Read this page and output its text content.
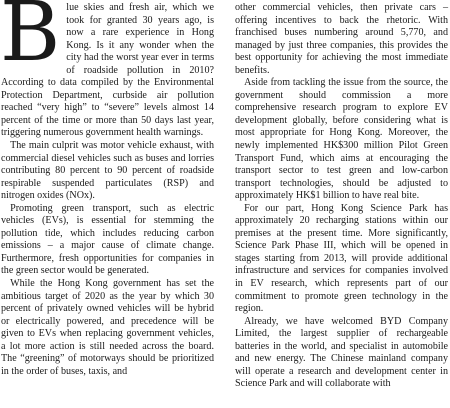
Blue skies and fresh air, which we took for granted 30 years ago, is now a rare experience in Hong Kong. Is it any wonder when the city had the worst year ever in terms of roadside pollution in 2010? According to data compiled by the Environmental Protection Department, curbside air pollution reached “very high” to “severe” levels almost 14 percent of the time or more than 50 days last year, triggering numerous government health warnings.

The main culprit was motor vehicle exhaust, with commercial diesel vehicles such as buses and lorries contributing 80 percent to 90 percent of roadside respirable suspended particulates (RSP) and nitrogen oxides (NOx).

Promoting green transport, such as electric vehicles (EVs), is essential for stemming the pollution tide, which includes reducing carbon emissions – a major cause of climate change. Furthermore, fresh opportunities for companies in the green sector would be generated.

While the Hong Kong government has set the ambitious target of 2020 as the year by which 30 percent of privately owned vehicles will be hybrid or electrically powered, and precedence will be given to EVs when replacing government vehicles, a lot more action is still needed across the board. The “greening” of motorways should be prioritized in the order of buses, taxis, and

other commercial vehicles, then private cars – offering incentives to back the rhetoric. With franchised buses numbering around 5,770, and managed by just three companies, this provides the best opportunity for achieving the most immediate benefits.

Aside from tackling the issue from the source, the government should commission a more comprehensive research program to explore EV development globally, before considering what is most appropriate for Hong Kong. Moreover, the newly implemented HK$300 million Pilot Green Transport Fund, which aims at encouraging the transport sector to test green and low-carbon transport technologies, should be adjusted to approximately HK$1 billion to have real bite.

For our part, Hong Kong Science Park has approximately 20 recharging stations within our premises at the present time. More significantly, Science Park Phase III, which will be opened in stages starting from 2013, will provide additional infrastructure and services for companies involved in EV research, which represents part of our commitment to promote green technology in the region.

Already, we have welcomed BYD Company Limited, the largest supplier of rechargeable batteries in the world, and specialist in automobile and new energy. The Chinese mainland company will operate a research and development center in Science Park and will collaborate with
